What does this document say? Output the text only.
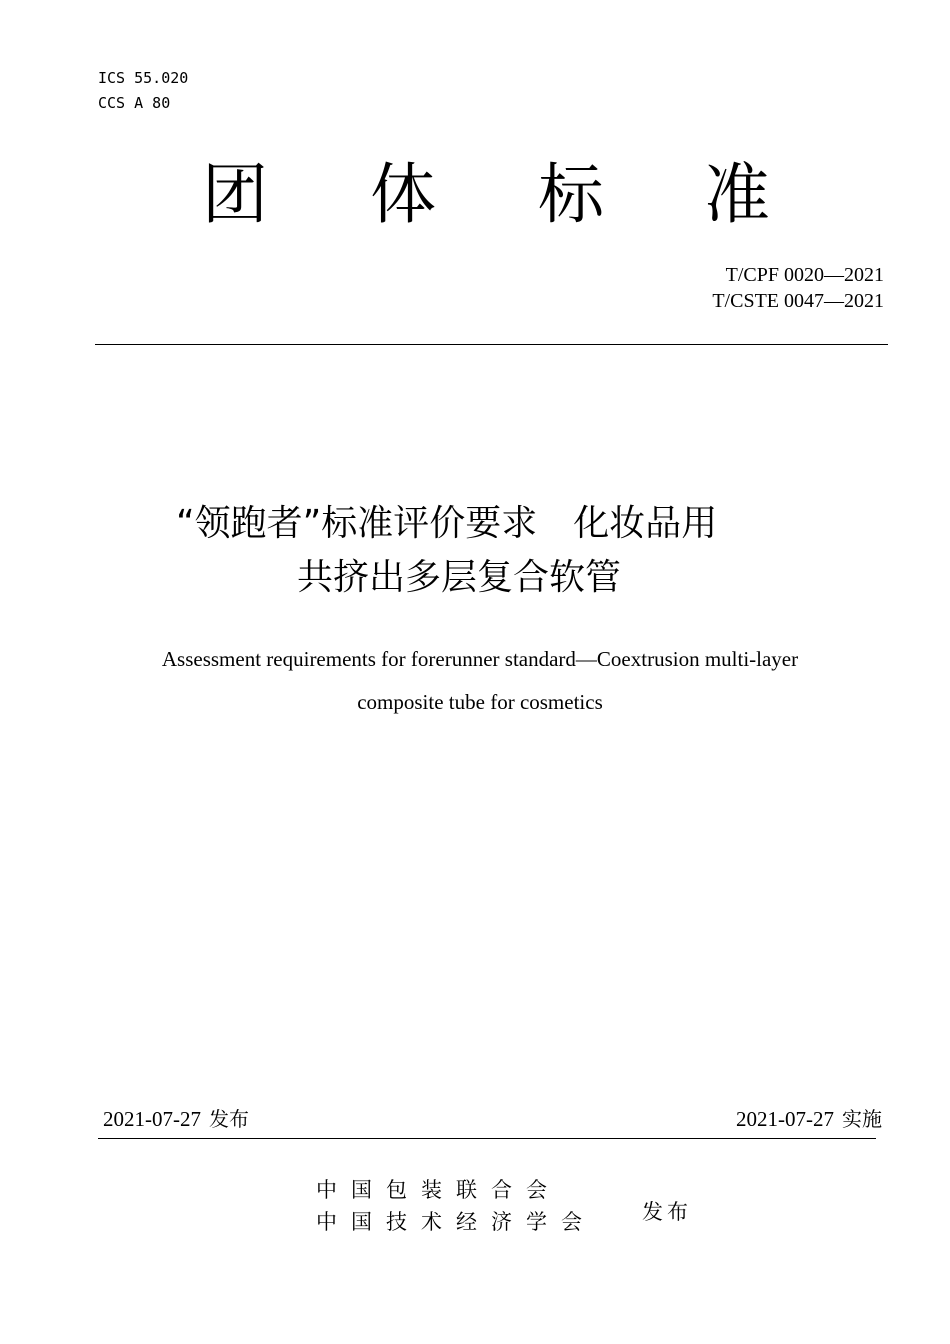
ICS 55.020
CCS A 80
团 体 标 准
T/CPF 0020—2021
T/CSTE 0047—2021
“领跑者”标准评价要求　化妆品用
共挤出多层复合软管
Assessment requirements for forerunner standard—Coextrusion multi-layer
composite tube for cosmetics
2021-07-27 发布	2021-07-27 实施
中国包装联合会
中国技术经济学会 发布
